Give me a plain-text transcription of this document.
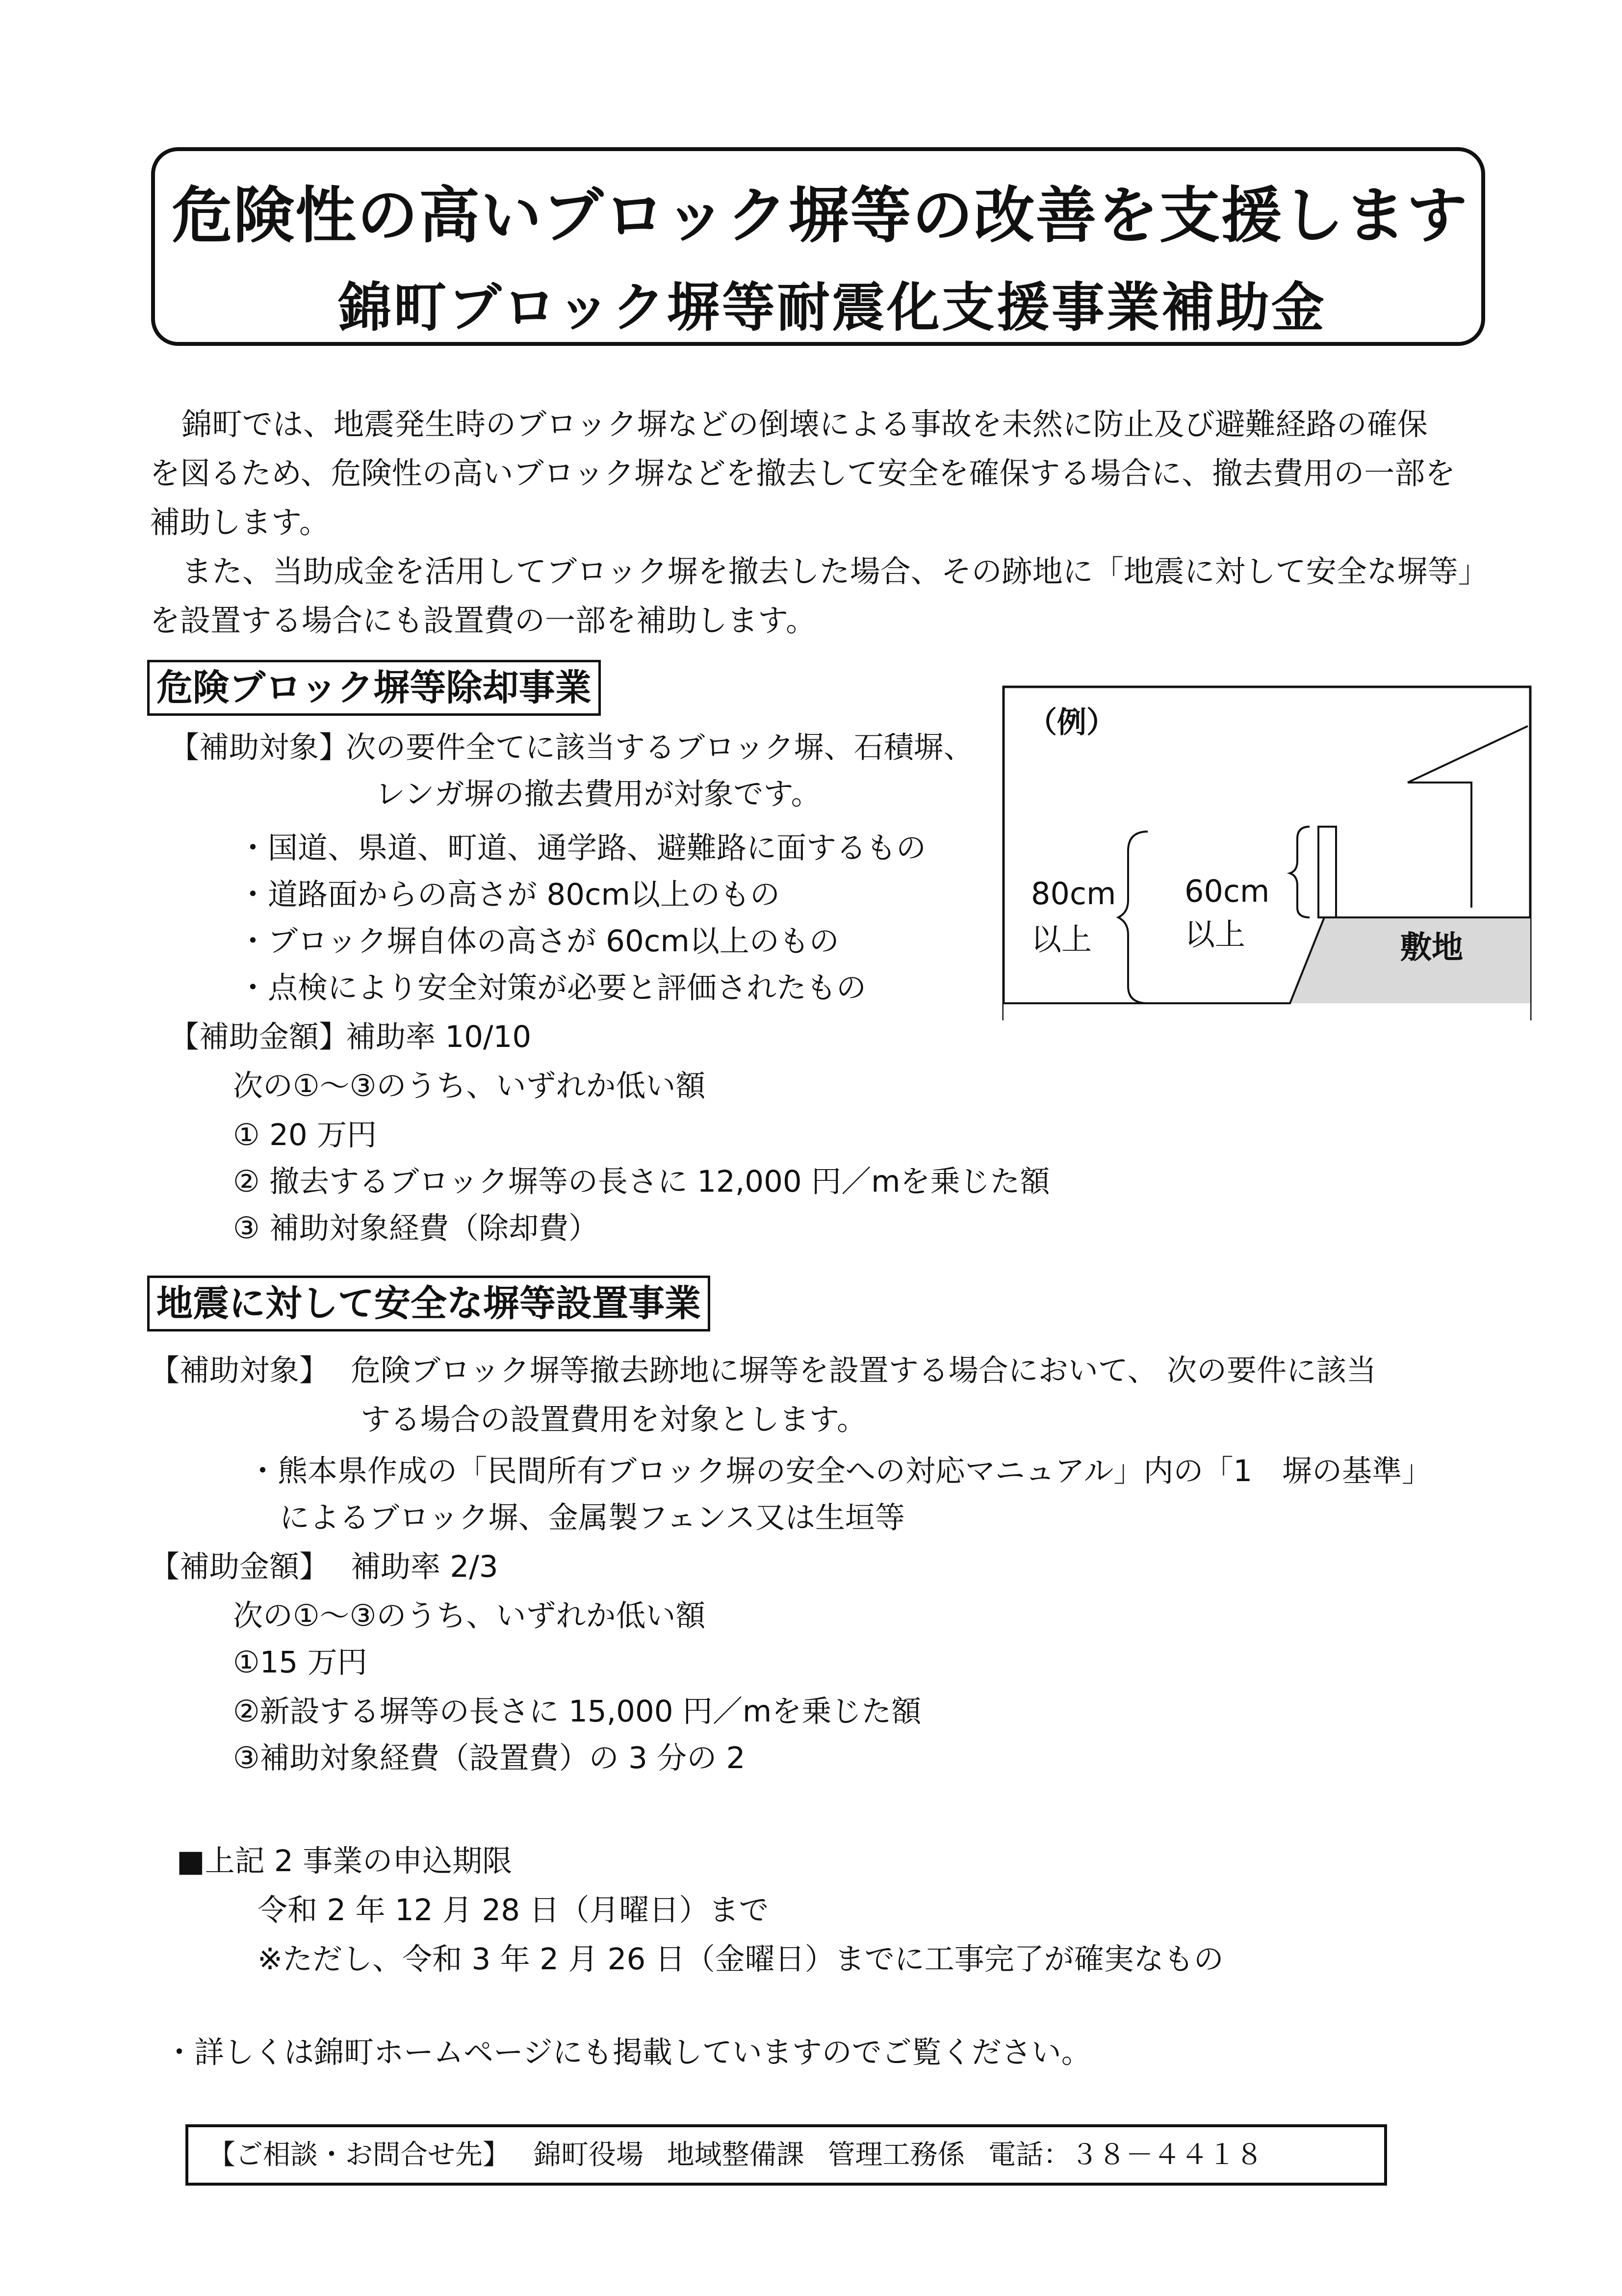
危険性の高いブロック塀等の改善を支援します
錦町ブロック塀等耐震化支援事業補助金
錦町では、地震発生時のブロック塀などの倒壊による事故を未然に防止及び避難経路の確保
を図るため、危険性の高いブロック塀などを撤去して安全を確保する場合に、撤去費用の一部を
補助します。
また、当助成金を活用してブロック塀を撤去した場合、その跡地に「地震に対して安全な塀等」
を設置する場合にも設置費の一部を補助します。
危険ブロック塀等除却事業
【補助対象】
次の要件全てに該当するブロック塀、石積塀、
レンガ塀の撤去費用が対象です。
・国道、県道、町道、通学路、避難路に面するもの
・道路面からの高さが 80cm以上のもの
・ブロック塀自体の高さが 60cm以上のもの
・点検により安全対策が必要と評価されたもの
【補助金額】
補助率 10/10
次の①～③のうち、いずれか低い額
① 20 万円
② 撤去するブロック塀等の長さに 12,000 円／mを乗じた額
③ 補助対象経費（除却費）
（例）
80cm
以上
60cm
以上	敷地
地震に対して安全な塀等設置事業
【補助対象】 危険ブロック塀等撤去跡地に塀等を設置する場合において、 次の要件に該当
する場合の設置費用を対象とします。
・熊本県作成の「民間所有ブロック塀の安全への対応マニュアル」内の「1　塀の基準」
によるブロック塀、金属製フェンス又は生垣等
【補助金額】 補助率 2/3
次の①～③のうち、いずれか低い額
①15 万円
②新設する塀等の長さに 15,000 円／mを乗じた額
③補助対象経費（設置費）の 3 分の 2
■上記 2 事業の申込期限
令和 2 年 12 月 28 日（月曜日）まで
※ただし、令和 3 年 2 月 26 日（金曜日）までに工事完了が確実なもの
・詳しくは錦町ホームページにも掲載していますのでご覧ください。
【ご相談・お問合せ先】 錦町役場 地域整備課 管理工務係 電話：３８－４４１８
